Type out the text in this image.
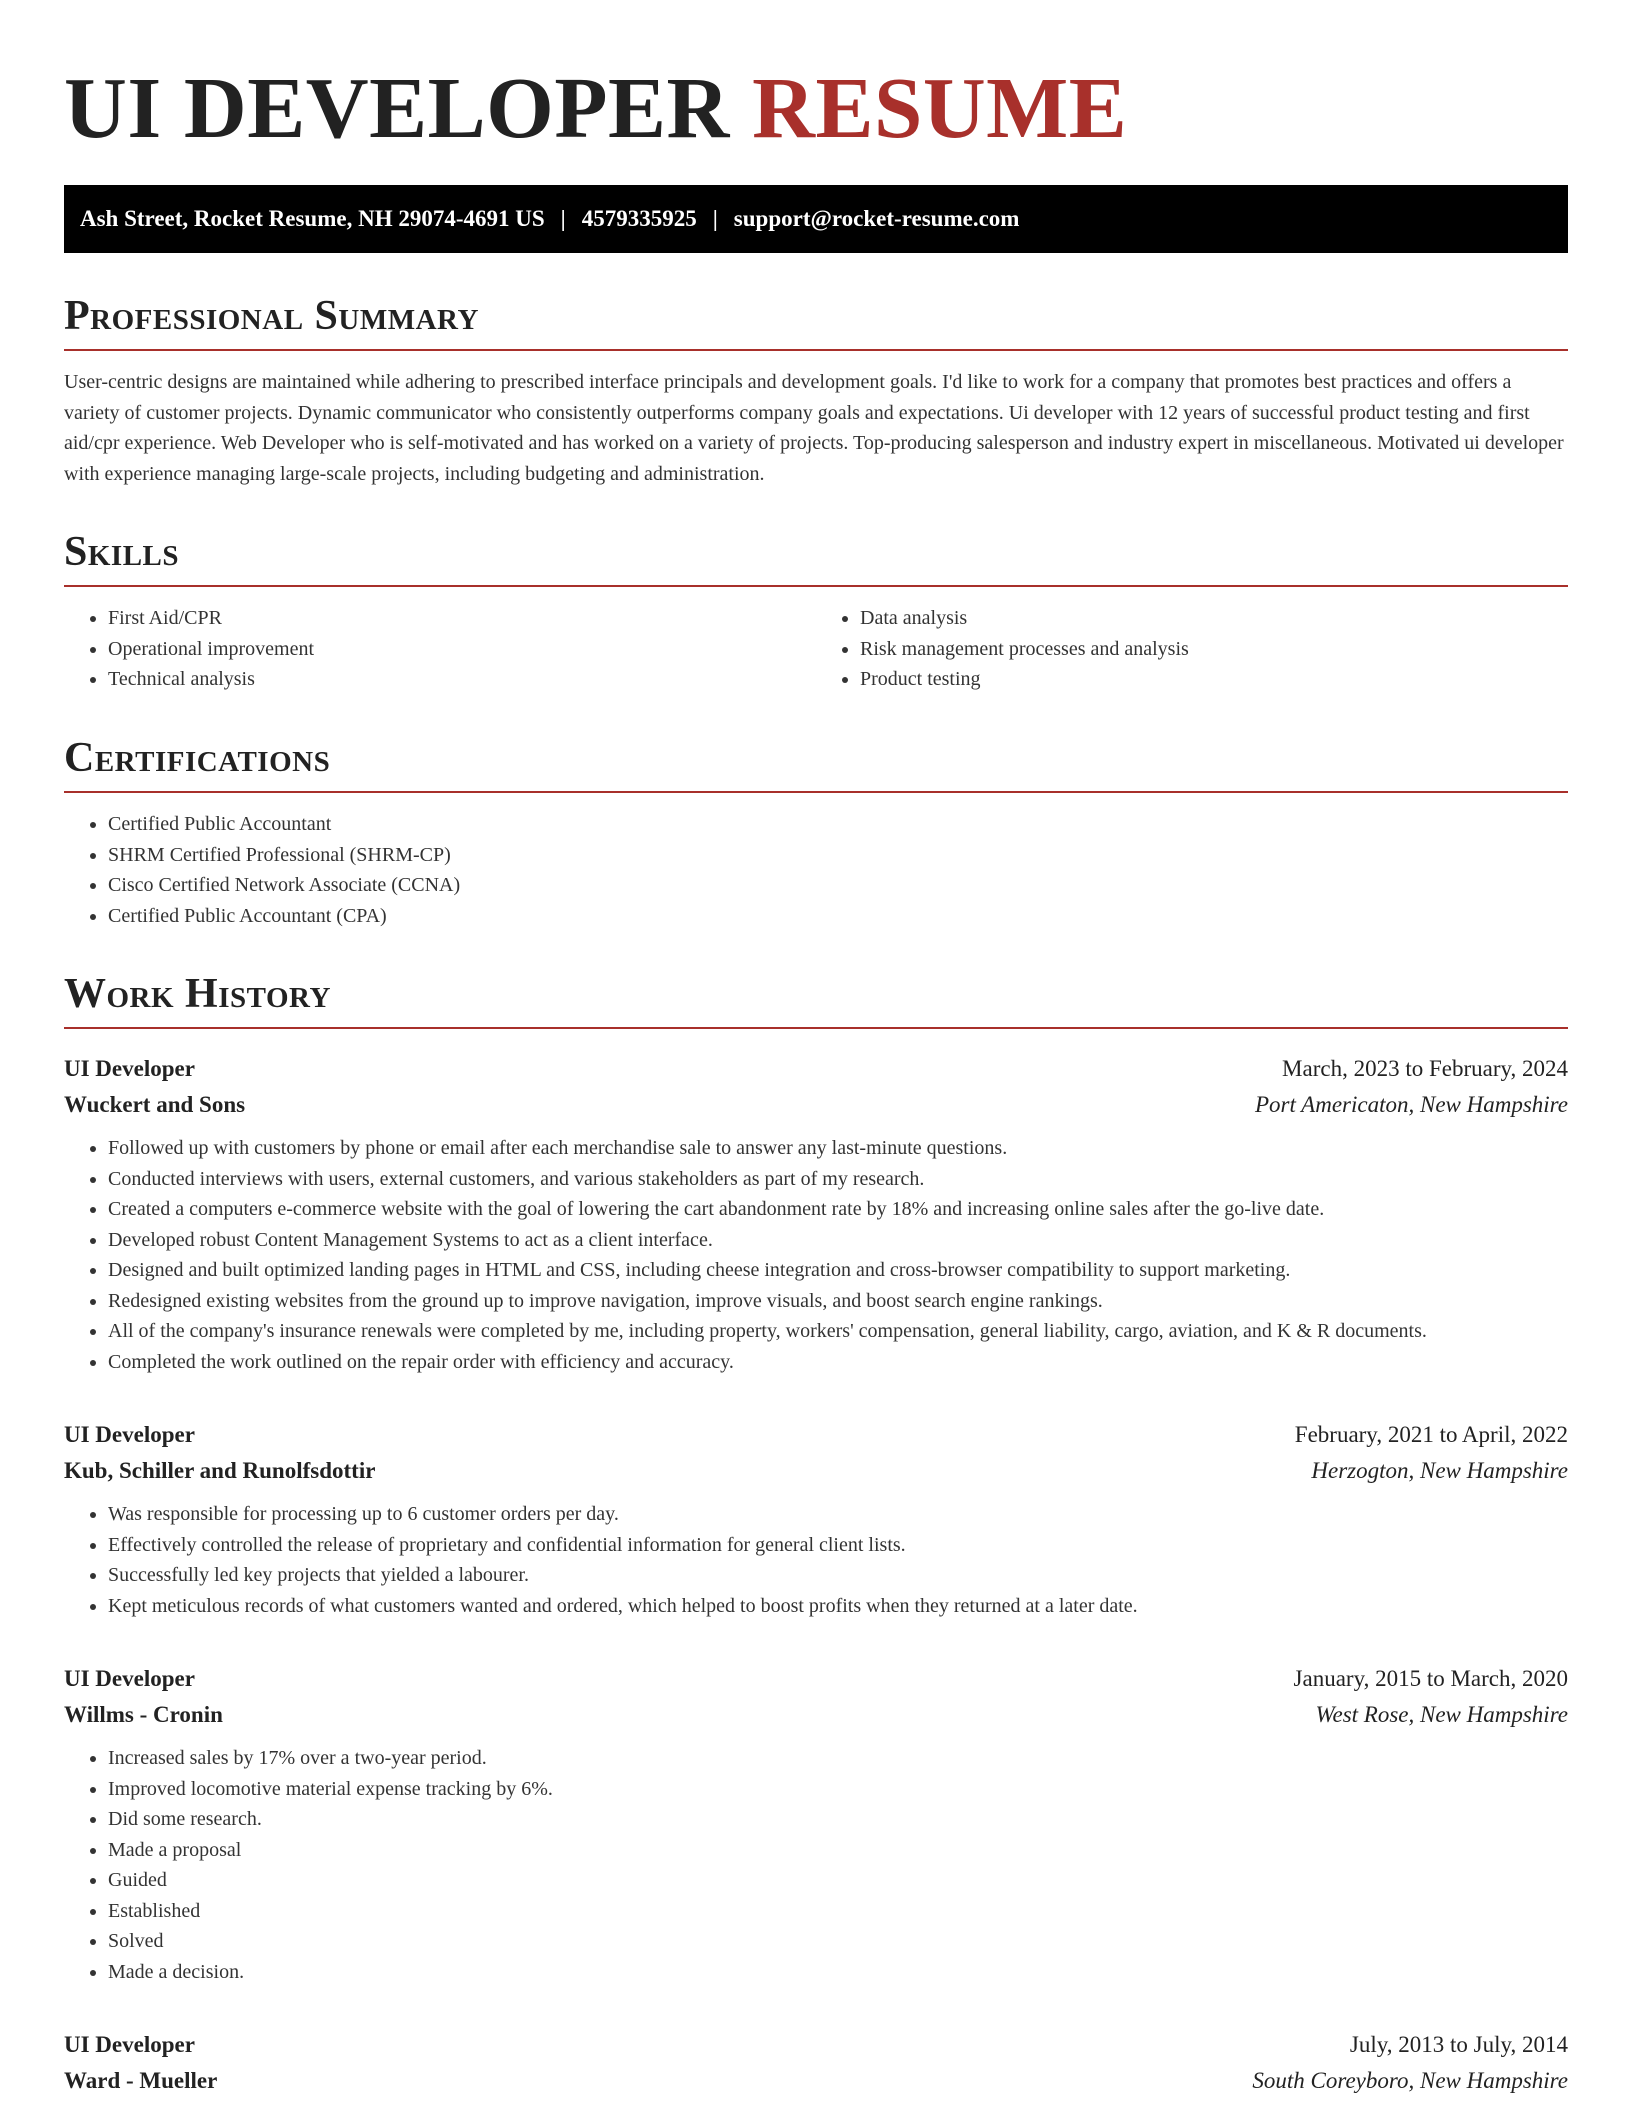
UI DEVELOPER RESUME
Ash Street, Rocket Resume, NH 29074-4691 US | 4579335925 | support@rocket-resume.com
Professional Summary

User-centric designs are maintained while adhering to prescribed interface principals and development goals. I'd like to work for a company that promotes best practices and offers a variety of customer projects. Dynamic communicator who consistently outperforms company goals and expectations. Ui developer with 12 years of successful product testing and first aid/cpr experience. Web Developer who is self-motivated and has worked on a variety of projects. Top-producing salesperson and industry expert in miscellaneous. Motivated ui developer with experience managing large-scale projects, including budgeting and administration.

Skills
• First Aid/CPR
• Operational improvement
• Technical analysis
• Data analysis
• Risk management processes and analysis
• Product testing
Certifications
• Certified Public Accountant
• SHRM Certified Professional (SHRM-CP)
• Cisco Certified Network Associate (CCNA)
• Certified Public Accountant (CPA)
Work History
UI Developer	March, 2023 to February, 2024
Wuckert and Sons	Port Americaton, New Hampshire
• Followed up with customers by phone or email after each merchandise sale to answer any last-minute questions.
• Conducted interviews with users, external customers, and various stakeholders as part of my research.
• Created a computers e-commerce website with the goal of lowering the cart abandonment rate by 18% and increasing online sales after the go-live date.
• Developed robust Content Management Systems to act as a client interface.
• Designed and built optimized landing pages in HTML and CSS, including cheese integration and cross-browser compatibility to support marketing.
• Redesigned existing websites from the ground up to improve navigation, improve visuals, and boost search engine rankings.
• All of the company's insurance renewals were completed by me, including property, workers' compensation, general liability, cargo, aviation, and K & R documents.
• Completed the work outlined on the repair order with efficiency and accuracy.
UI Developer	February, 2021 to April, 2022
Kub, Schiller and Runolfsdottir	Herzogton, New Hampshire
• Was responsible for processing up to 6 customer orders per day.
• Effectively controlled the release of proprietary and confidential information for general client lists.
• Successfully led key projects that yielded a labourer.
• Kept meticulous records of what customers wanted and ordered, which helped to boost profits when they returned at a later date.
UI Developer	January, 2015 to March, 2020
Willms - Cronin	West Rose, New Hampshire
• Increased sales by 17% over a two-year period.
• Improved locomotive material expense tracking by 6%.
• Did some research.
• Made a proposal
• Guided
• Established
• Solved
• Made a decision.
UI Developer	July, 2013 to July, 2014
Ward - Mueller	South Coreyboro, New Hampshire
